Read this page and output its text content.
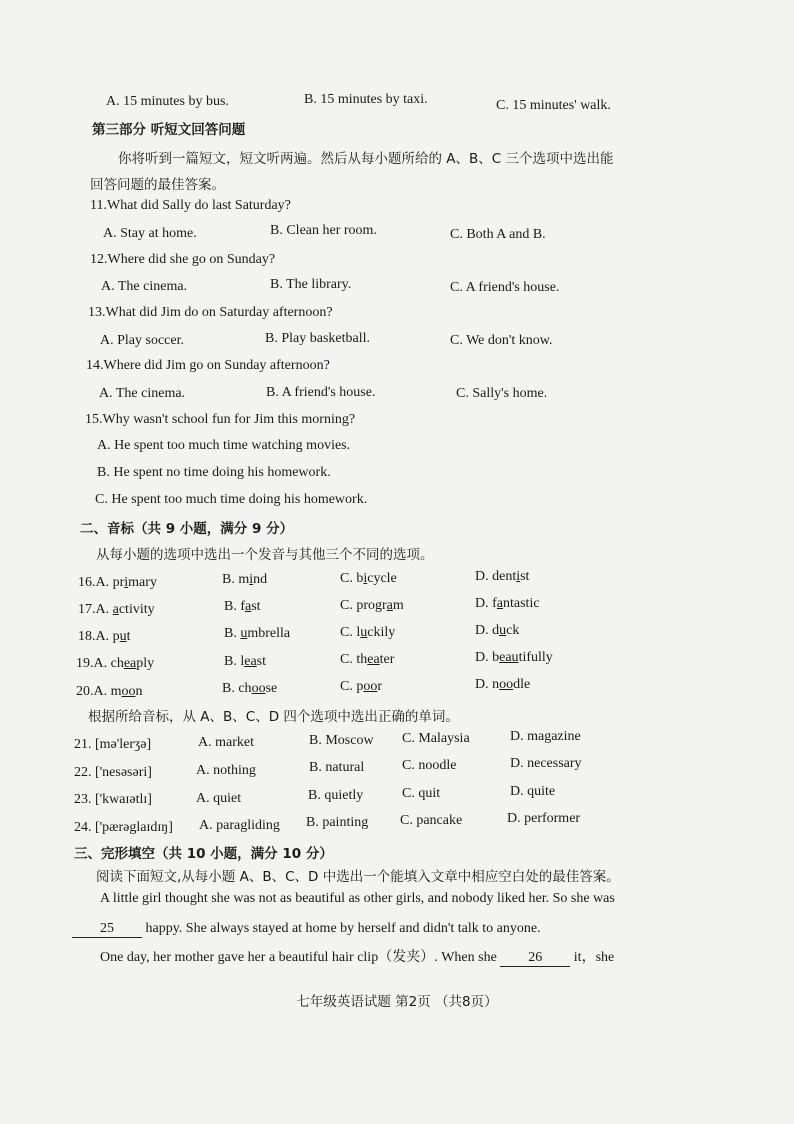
A. 15 minutes by bus.	B. 15 minutes by taxi.	C. 15 minutes' walk.
第三部分 听短文回答问题
你将听到一篇短文，短文听两遍。然后从每小题所给的 A、B、C 三个选项中选出能
回答问题的最佳答案。
11.What did Sally do last Saturday?
A. Stay at home.	B. Clean her room.	C. Both A and B.
12.Where did she go on Sunday?
A. The cinema.	B. The library.	C. A friend's house.
13.What did Jim do on Saturday afternoon?
A. Play soccer.	B. Play basketball.	C. We don't know.
14.Where did Jim go on Sunday afternoon?
A. The cinema.	B. A friend's house.	C. Sally's home.
15.Why wasn't school fun for Jim this morning?
A. He spent too much time watching movies.
B. He spent no time doing his homework.
C. He spent too much time doing his homework.
二、音标（共 9 小题，满分 9 分）
从每小题的选项中选出一个发音与其他三个不同的选项。
16.A. primary	B. mind	C. bicycle	D. dentist
17.A. activity	B. fast	C. program	D. fantastic
18.A. put	B. umbrella	C. luckily	D. duck
19.A. cheaply	B. least	C. theater	D. beautifully
20.A. moon	B. choose	C. poor	D. noodle
根据所给音标，从 A、B、C、D 四个选项中选出正确的单词。
21. [mə'lerʒə]	A. market	B. Moscow C. Malaysia	D. magazine
22. ['nesəsəri]	A. nothing	B. natural	C. noodle	D. necessary
23. ['kwaɪətlɪ]	A. quiet	B. quietly	C. quit	D. quite
24. ['pærəglaɪdɪŋ] A. paragliding B. painting C. pancake	D. performer
三、完形填空（共 10 小题，满分 10 分）
阅读下面短文,从每小题 A、B、C、D 中选出一个能填入文章中相应空白处的最佳答案。
A little girl thought she was not as beautiful as other girls, and nobody liked her. So she was
25 happy. She always stayed at home by herself and didn't talk to anyone.
One day, her mother gave her a beautiful hair clip（发夹）. When she 26 it，she
七年级英语试题 第2页 （共8页）
